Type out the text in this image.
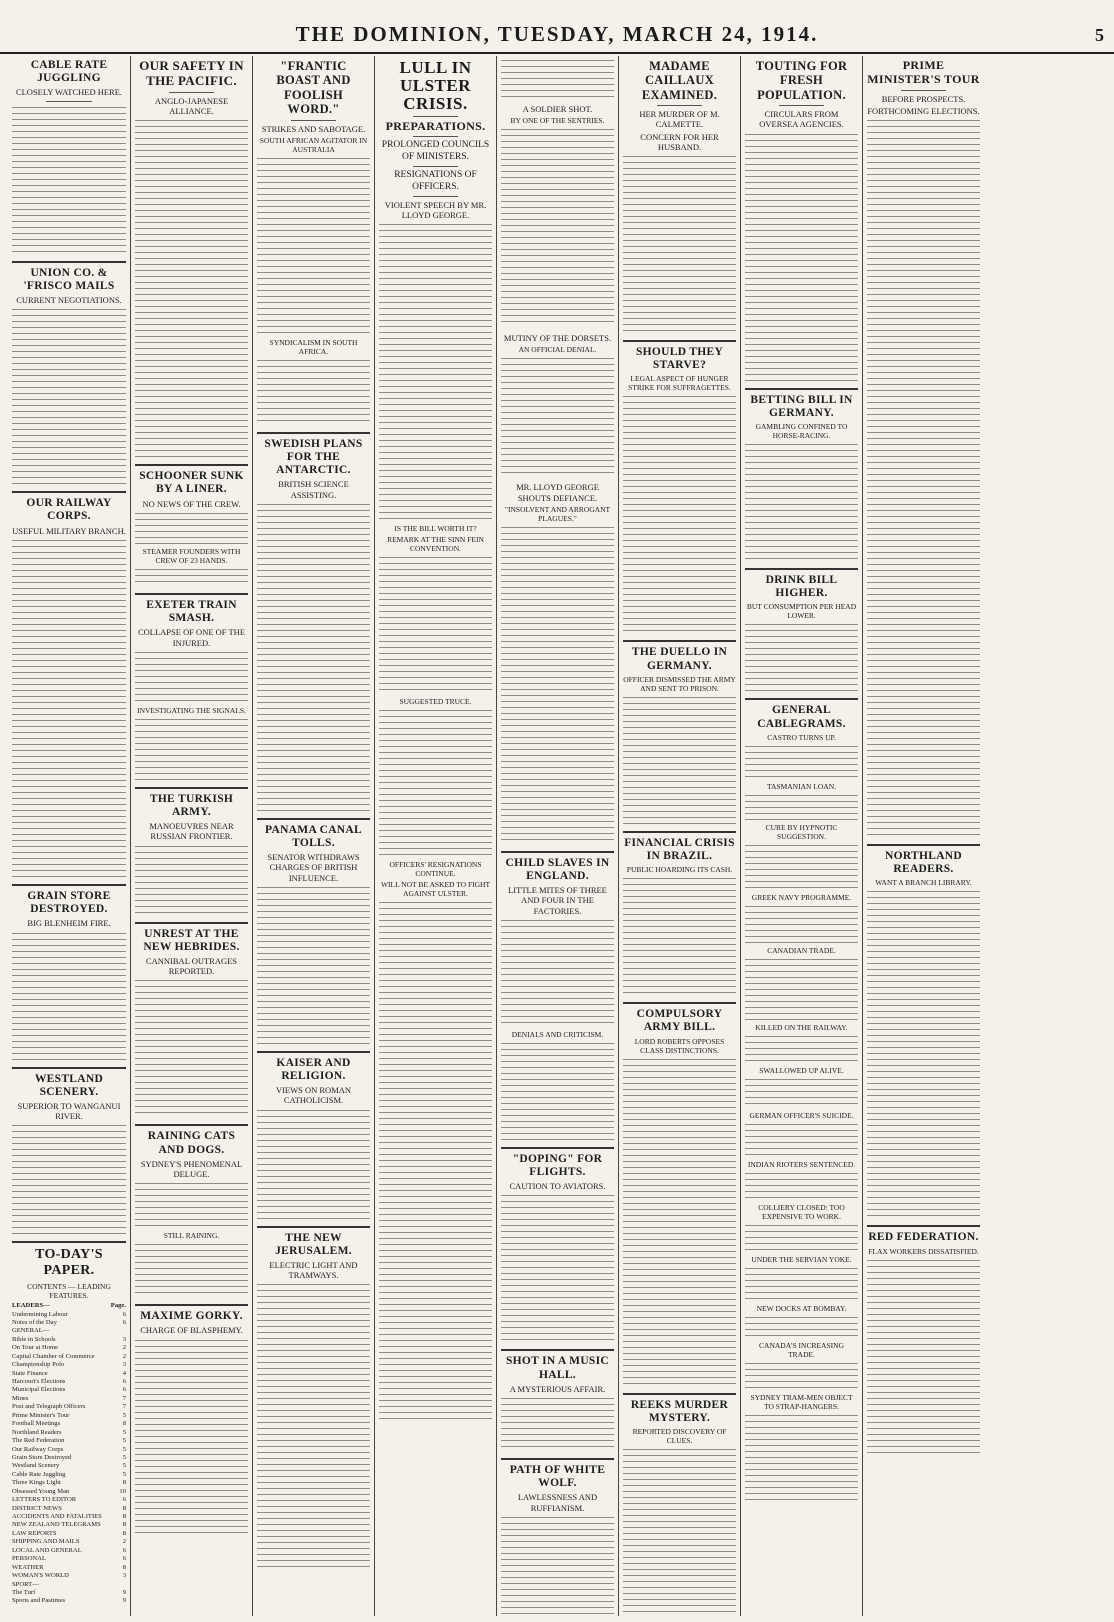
THE DOMINION, TUESDAY, MARCH 24, 1914.	5
CABLE RATE JUGGLING
CLOSELY WATCHED HERE.
UNION CO. & 'FRISCO MAILS
CURRENT NEGOTIATIONS.
OUR RAILWAY CORPS.
USEFUL MILITARY BRANCH.
GRAIN STORE DESTROYED.
BIG BLENHEIM FIRE.
WESTLAND SCENERY.
SUPERIOR TO WANGANUI RIVER.
TO-DAY'S PAPER.
CONTENTS — LEADING FEATURES.
LEADERS—	Page.
Undermining Labour	6
Notes of the Day	6
GENERAL—
Bible in Schools	3
On Tour at Home	2
Capital Chamber of Commerce	2
Championship Polo	3
State Finance	4
Harcourt's Elections	6
Municipal Elections	6
Mines	7
Post and Telegraph Officers	7
Prime Minister's Tour	5
Football Meetings	8
Northland Readers	5
The Red Federation	5
Our Railway Corps	5
Grain Store Destroyed	5
Westland Scenery	5
Cable Rate Juggling	5
Three Kings Light	8
Obsessed Young Man	10
LETTERS TO EDITOR	6
DISTRICT NEWS	8
ACCIDENTS AND FATALITIES	8
NEW ZEALAND TELEGRAMS	8
LAW REPORTS	8
SHIPPING AND MAILS	2
LOCAL AND GENERAL	6
PERSONAL	6
WEATHER	8
WOMAN'S WORLD	3
SPORT—
The Turf	9
Sports and Pastimes	9
OUR SAFETY IN THE PACIFIC.
ANGLO-JAPANESE ALLIANCE.
SCHOONER SUNK BY A LINER.
NO NEWS OF THE CREW.
STEAMER FOUNDERS WITH CREW OF 23 HANDS.
EXETER TRAIN SMASH.
COLLAPSE OF ONE OF THE INJURED.
INVESTIGATING THE SIGNALS.
THE TURKISH ARMY.
MANOEUVRES NEAR RUSSIAN FRONTIER.
UNREST AT THE NEW HEBRIDES.
CANNIBAL OUTRAGES REPORTED.
RAINING CATS AND DOGS.
SYDNEY'S PHENOMENAL DELUGE.
STILL RAINING.
MAXIME GORKY.
CHARGE OF BLASPHEMY.
"FRANTIC BOAST AND FOOLISH WORD."
STRIKES AND SABOTAGE.
SOUTH AFRICAN AGITATOR IN AUSTRALIA
SYNDICALISM IN SOUTH AFRICA.
SWEDISH PLANS FOR THE ANTARCTIC.
BRITISH SCIENCE ASSISTING.
PANAMA CANAL TOLLS.
SENATOR WITHDRAWS CHARGES OF BRITISH INFLUENCE.
KAISER AND RELIGION.
VIEWS ON ROMAN CATHOLICISM.
THE NEW JERUSALEM.
ELECTRIC LIGHT AND TRAMWAYS.
LULL IN ULSTER CRISIS.
PREPARATIONS.
PROLONGED COUNCILS OF MINISTERS.
RESIGNATIONS OF OFFICERS.
VIOLENT SPEECH BY MR. LLOYD GEORGE.
IS THE BILL WORTH IT?
REMARK AT THE SINN FEIN CONVENTION.
SUGGESTED TRUCE.
OFFICERS' RESIGNATIONS CONTINUE.
WILL NOT BE ASKED TO FIGHT AGAINST ULSTER.
A SOLDIER SHOT.
BY ONE OF THE SENTRIES.
MUTINY OF THE DORSETS.
AN OFFICIAL DENIAL.
MR. LLOYD GEORGE SHOUTS DEFIANCE.
"INSOLVENT AND ARROGANT PLAGUES."
CHILD SLAVES IN ENGLAND.
LITTLE MITES OF THREE AND FOUR IN THE FACTORIES.
DENIALS AND CRITICISM.
"DOPING" FOR FLIGHTS.
CAUTION TO AVIATORS.
SHOT IN A MUSIC HALL.
A MYSTERIOUS AFFAIR.
PATH OF WHITE WOLF.
LAWLESSNESS AND RUFFIANISM.
MADAME CAILLAUX EXAMINED.
HER MURDER OF M. CALMETTE.
CONCERN FOR HER HUSBAND.
SHOULD THEY STARVE?
LEGAL ASPECT OF HUNGER STRIKE FOR SUFFRAGETTES.
THE DUELLO IN GERMANY.
OFFICER DISMISSED THE ARMY AND SENT TO PRISON.
FINANCIAL CRISIS IN BRAZIL.
PUBLIC HOARDING ITS CASH.
COMPULSORY ARMY BILL.
LORD ROBERTS OPPOSES CLASS DISTINCTIONS.
REEKS MURDER MYSTERY.
REPORTED DISCOVERY OF CLUES.
TOUTING FOR FRESH POPULATION.
CIRCULARS FROM OVERSEA AGENCIES.
BETTING BILL IN GERMANY.
GAMBLING CONFINED TO HORSE-RACING.
DRINK BILL HIGHER.
BUT CONSUMPTION PER HEAD LOWER.
GENERAL CABLEGRAMS.
CASTRO TURNS UP.
TASMANIAN LOAN.
CURE BY HYPNOTIC SUGGESTION.
GREEK NAVY PROGRAMME.
CANADIAN TRADE.
KILLED ON THE RAILWAY.
SWALLOWED UP ALIVE.
GERMAN OFFICER'S SUICIDE.
INDIAN RIOTERS SENTENCED.
COLLIERY CLOSED: TOO EXPENSIVE TO WORK.
UNDER THE SERVIAN YOKE.
NEW DOCKS AT BOMBAY.
CANADA'S INCREASING TRADE.
SYDNEY TRAM-MEN OBJECT TO STRAP-HANGERS.
PRIME MINISTER'S TOUR
BEFORE PROSPECTS.
FORTHCOMING ELECTIONS.
NORTHLAND READERS.
WANT A BRANCH LIBRARY.
RED FEDERATION.
FLAX WORKERS DISSATISFIED.
